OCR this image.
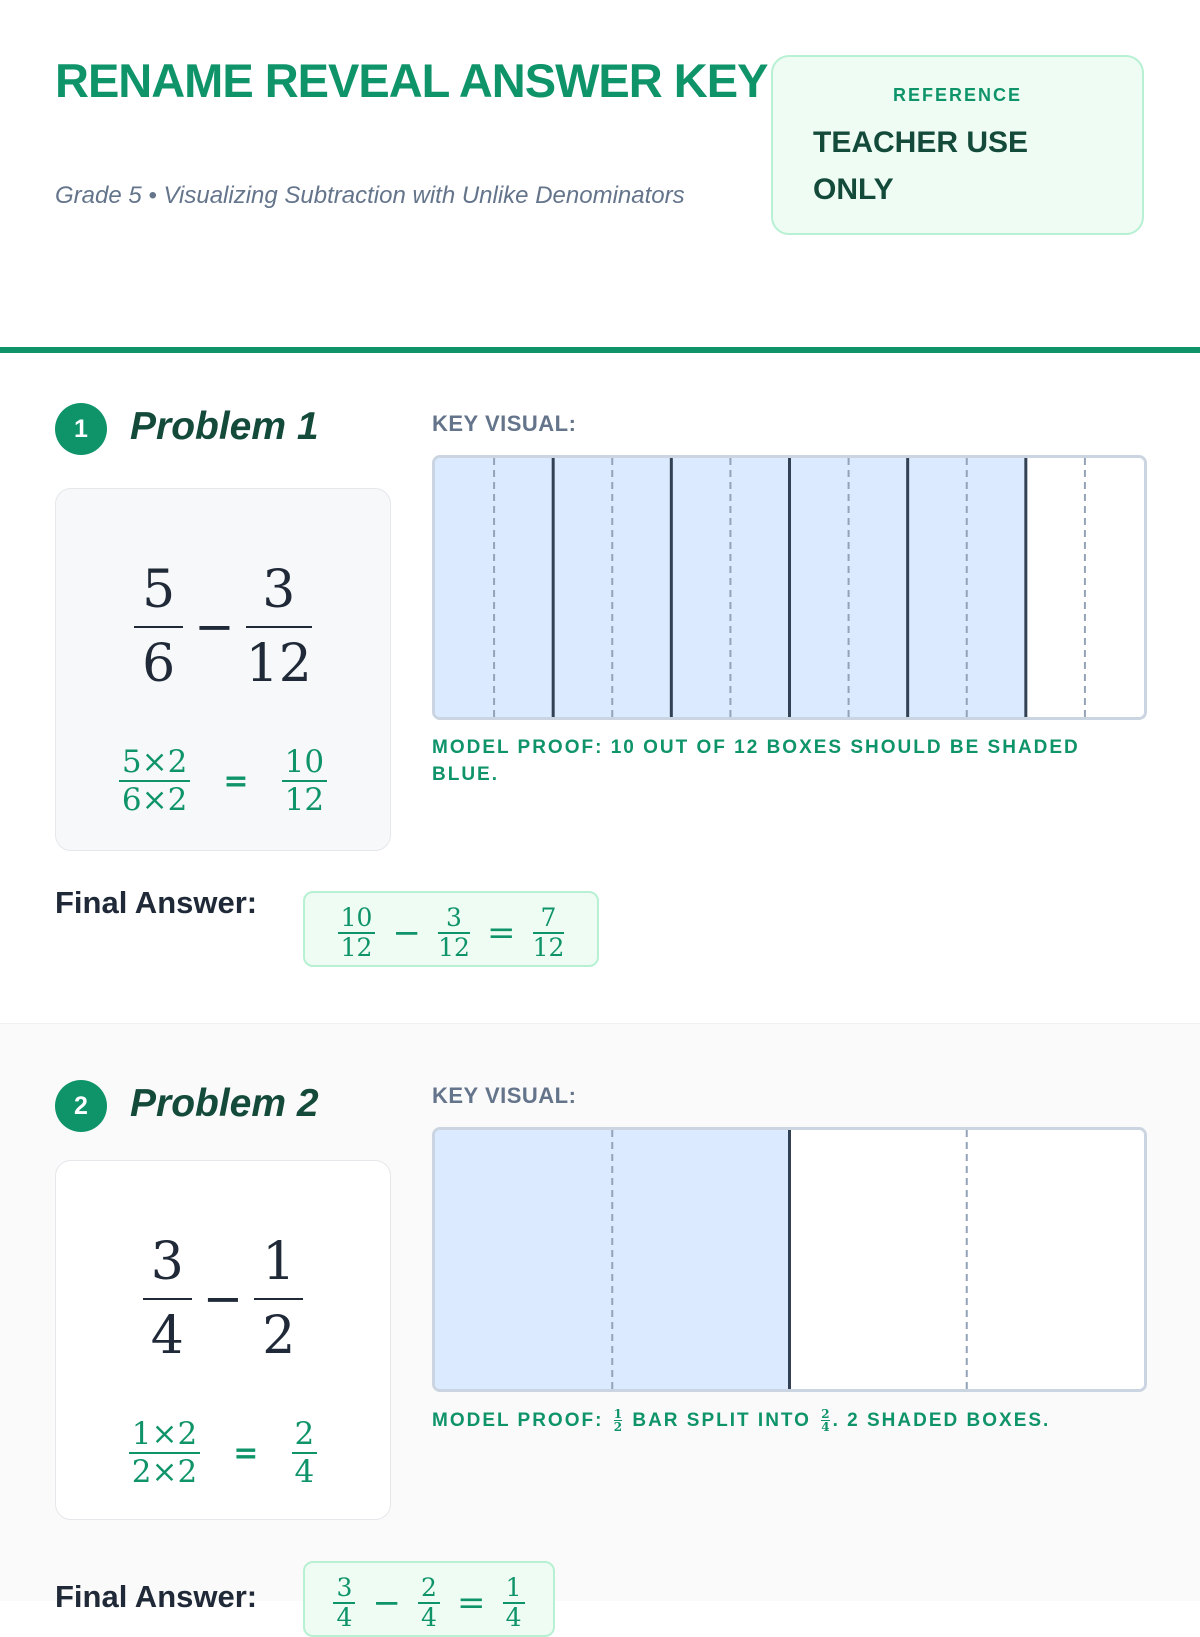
RENAME REVEAL ANSWER KEY
Grade 5 • Visualizing Subtraction with Unlike Denominators
REFERENCE
TEACHER USE ONLY
1	Problem 1
$\frac{5}{6} - \frac{3}{12}$
$\frac{5\times 2}{6\times 2} = \frac{10}{12}$
KEY VISUAL:
MODEL PROOF: 10 OUT OF 12 BOXES SHOULD BE SHADED BLUE.
Final Answer:
$\frac{10}{12} - \frac{3}{12} = \frac{7}{12}$
2	Problem 2
$\frac{3}{4} - \frac{1}{2}$
$\frac{1\times 2}{2\times 2} = \frac{2}{4}$
KEY VISUAL:
MODEL PROOF: $\frac{1}{2}$ BAR SPLIT INTO $\frac{2}{4}$ . 2 SHADED BOXES.
Final Answer:	$\frac{3}{4} - \frac{2}{4} = \frac{1}{4}$
